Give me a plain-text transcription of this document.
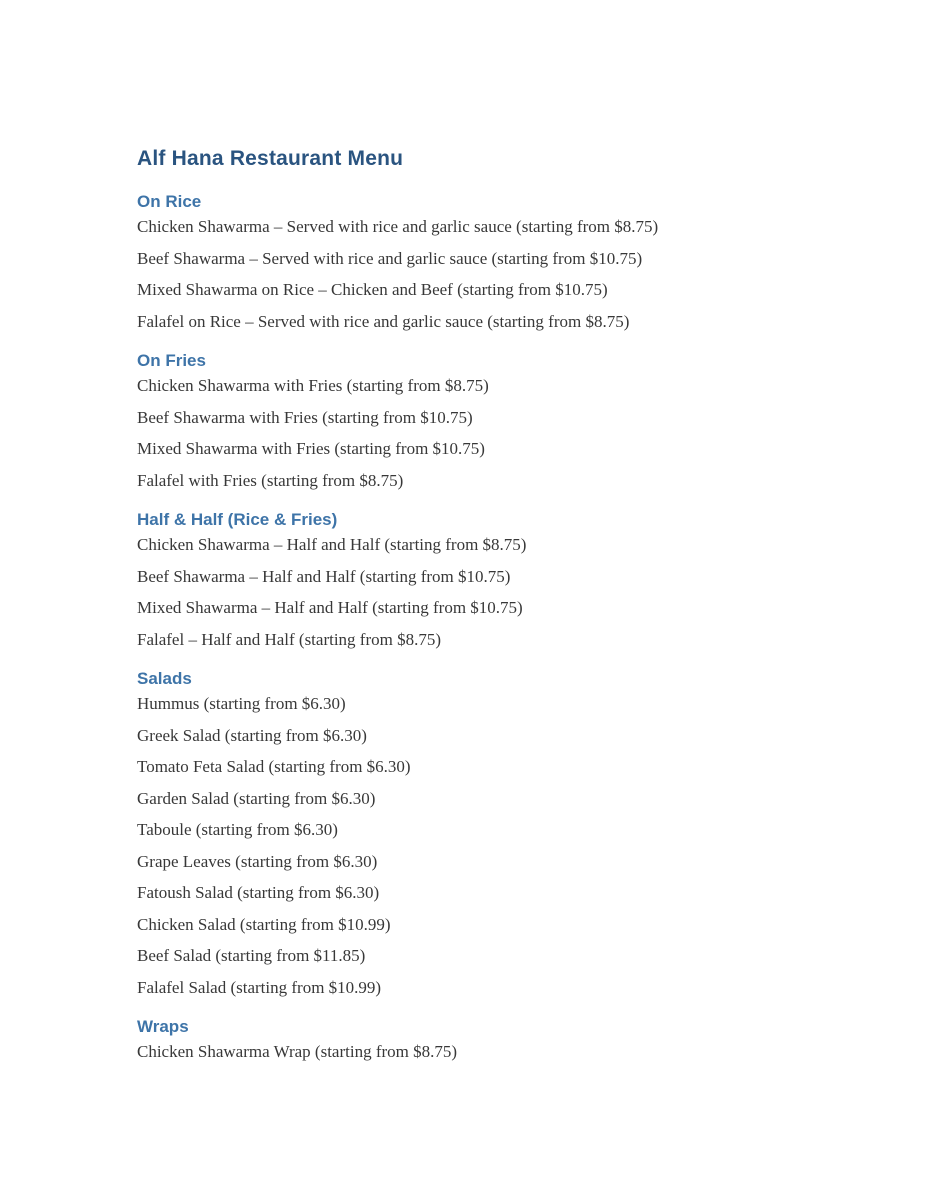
Alf Hana Restaurant Menu
On Rice

Chicken Shawarma – Served with rice and garlic sauce (starting from $8.75)

Beef Shawarma – Served with rice and garlic sauce (starting from $10.75)

Mixed Shawarma on Rice – Chicken and Beef (starting from $10.75)

Falafel on Rice – Served with rice and garlic sauce (starting from $8.75)

On Fries

Chicken Shawarma with Fries (starting from $8.75)

Beef Shawarma with Fries (starting from $10.75)

Mixed Shawarma with Fries (starting from $10.75)

Falafel with Fries (starting from $8.75)

Half & Half (Rice & Fries)

Chicken Shawarma – Half and Half (starting from $8.75)

Beef Shawarma – Half and Half (starting from $10.75)

Mixed Shawarma – Half and Half (starting from $10.75)

Falafel – Half and Half (starting from $8.75)

Salads

Hummus (starting from $6.30)

Greek Salad (starting from $6.30)

Tomato Feta Salad (starting from $6.30)

Garden Salad (starting from $6.30)

Taboule (starting from $6.30)

Grape Leaves (starting from $6.30)

Fatoush Salad (starting from $6.30)

Chicken Salad (starting from $10.99)

Beef Salad (starting from $11.85)

Falafel Salad (starting from $10.99)

Wraps

Chicken Shawarma Wrap (starting from $8.75)
